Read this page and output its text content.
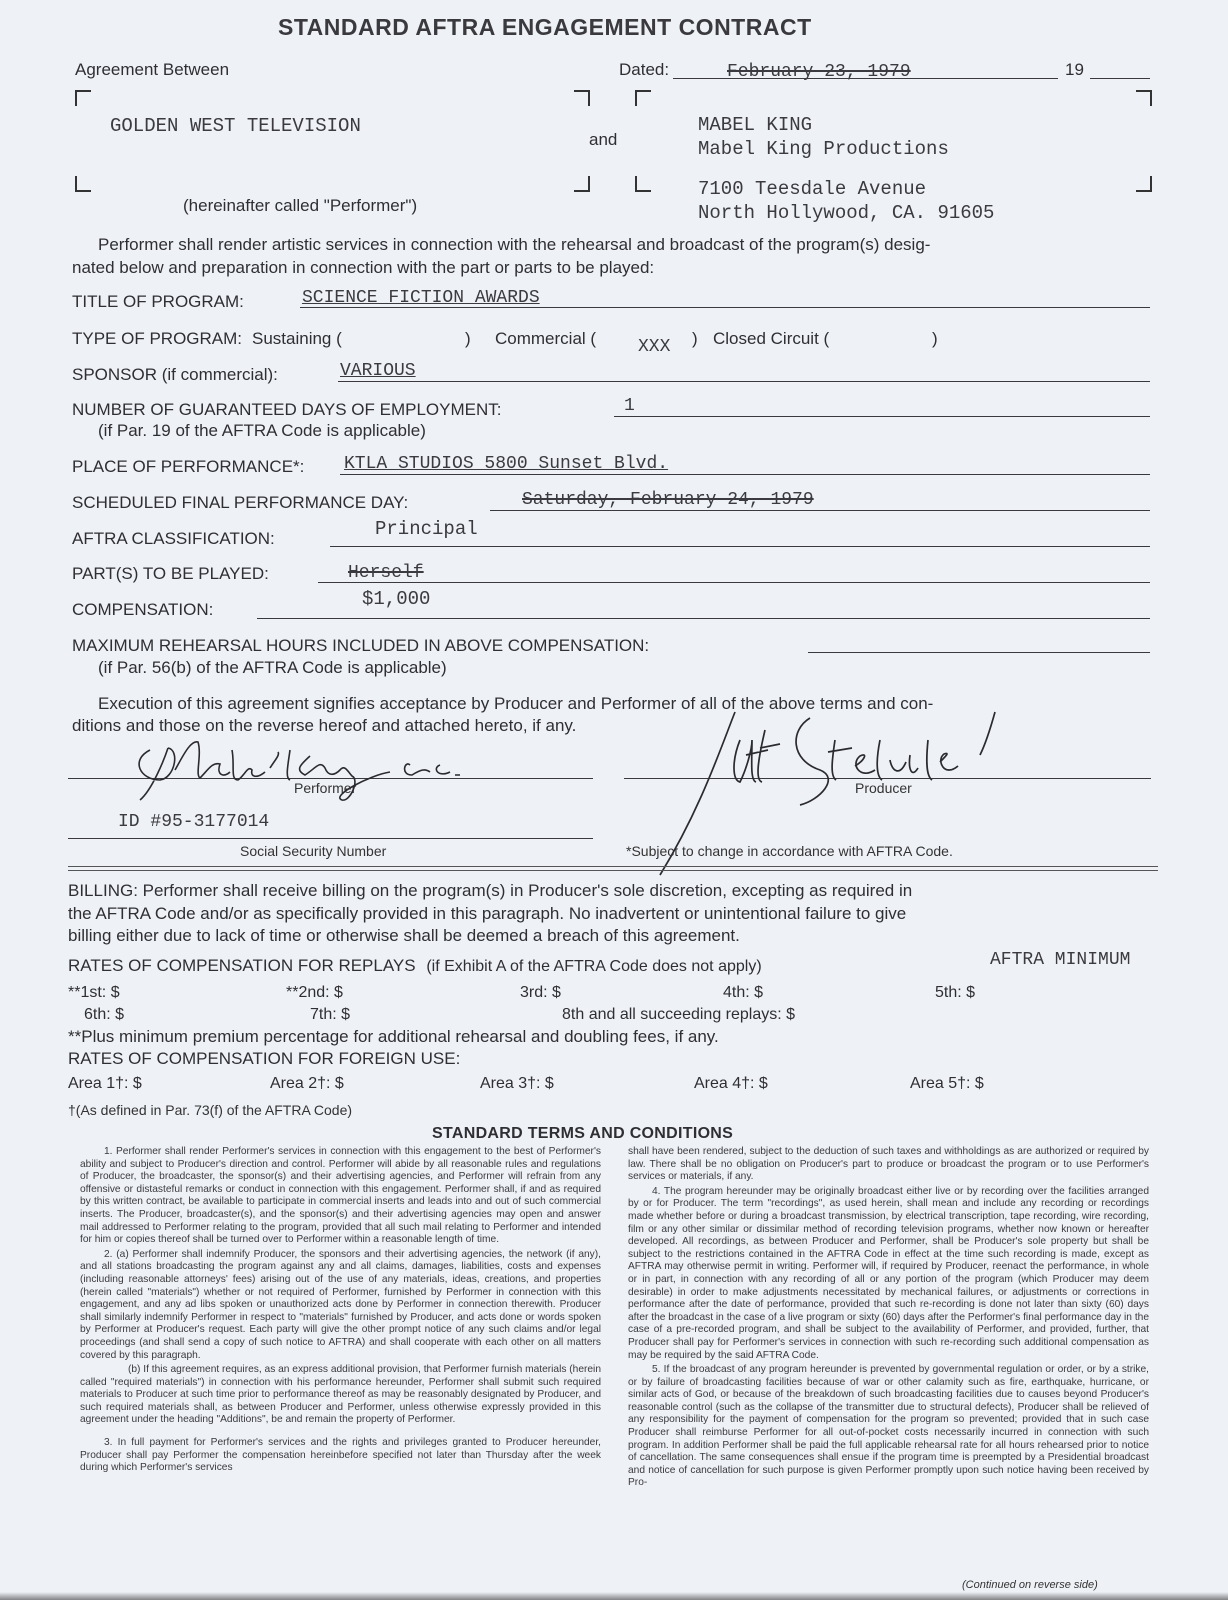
STANDARD AFTRA ENGAGEMENT CONTRACT
Agreement Between	Dated:	February 23, 1979	19
GOLDEN WEST TELEVISION
(hereinafter called "Performer")
and
MABEL KING
Mabel King Productions
7100 Teesdale Avenue
North Hollywood, CA. 91605
Performer shall render artistic services in connection with the rehearsal and broadcast of the program(s) desig-
nated below and preparation in connection with the part or parts to be played:
TITLE OF PROGRAM:	SCIENCE FICTION AWARDS
TYPE OF PROGRAM: Sustaining (	) Commercial ( XXX ) Closed Circuit (	)
SPONSOR (if commercial):	VARIOUS
NUMBER OF GUARANTEED DAYS OF EMPLOYMENT:	1
(if Par. 19 of the AFTRA Code is applicable)
PLACE OF PERFORMANCE*: KTLA STUDIOS 5800 Sunset Blvd.
SCHEDULED FINAL PERFORMANCE DAY:	Saturday, February 24, 1979
AFTRA CLASSIFICATION:	Principal
PART(S) TO BE PLAYED:	Herself
COMPENSATION:	$1,000
MAXIMUM REHEARSAL HOURS INCLUDED IN ABOVE COMPENSATION:
(if Par. 56(b) of the AFTRA Code is applicable)
Execution of this agreement signifies acceptance by Producer and Performer of all of the above terms and con-
ditions and those on the reverse hereof and attached hereto, if any.
Performer	Producer
ID #95-3177014
Social Security Number	*Subject to change in accordance with AFTRA Code.
BILLING: Performer shall receive billing on the program(s) in Producer's sole discretion, excepting as required in
the AFTRA Code and/or as specifically provided in this paragraph. No inadvertent or unintentional failure to give
billing either due to lack of time or otherwise shall be deemed a breach of this agreement.
RATES OF COMPENSATION FOR REPLAYS (if Exhibit A of the AFTRA Code does not apply)	AFTRA MINIMUM
**1st: $	**2nd: $	3rd: $	4th: $	5th: $
6th: $	7th: $	8th and all succeeding replays: $
**Plus minimum premium percentage for additional rehearsal and doubling fees, if any.
RATES OF COMPENSATION FOR FOREIGN USE:
Area 1†: $	Area 2†: $	Area 3†: $	Area 4†: $	Area 5†: $
†(As defined in Par. 73(f) of the AFTRA Code)
STANDARD TERMS AND CONDITIONS

1. Performer shall render Performer's services in connection with this engagement to the best of Performer's ability and subject to Producer's direction and control. Performer will abide by all reasonable rules and regulations of Producer, the broadcaster, the sponsor(s) and their advertising agencies, and Performer will refrain from any offensive or distasteful remarks or conduct in connection with this engagement. Performer shall, if and as required by this written contract, be available to participate in commercial inserts and leads into and out of such commercial inserts. The Producer, broadcaster(s), and the sponsor(s) and their advertising agencies may open and answer mail addressed to Performer relating to the program, provided that all such mail relating to Performer and intended for him or copies thereof shall be turned over to Performer within a reasonable length of time.

2. (a) Performer shall indemnify Producer, the sponsors and their advertising agencies, the network (if any), and all stations broadcasting the program against any and all claims, damages, liabilities, costs and expenses (including reasonable attorneys' fees) arising out of the use of any materials, ideas, creations, and properties (herein called "materials") whether or not required of Performer, furnished by Performer in connection with this engagement, and any ad libs spoken or unauthorized acts done by Performer in connection therewith. Producer shall similarly indemnify Performer in respect to "materials" furnished by Producer, and acts done or words spoken by Performer at Producer's request. Each party will give the other prompt notice of any such claims and/or legal proceedings (and shall send a copy of such notice to AFTRA) and shall cooperate with each other on all matters covered by this paragraph.

(b) If this agreement requires, as an express additional provision, that Performer furnish materials (herein called "required materials") in connection with his performance hereunder, Performer shall submit such required materials to Producer at such time prior to performance thereof as may be reasonably designated by Producer, and such required materials shall, as between Producer and Performer, unless otherwise expressly provided in this agreement under the heading "Additions", be and remain the property of Performer.

3. In full payment for Performer's services and the rights and privileges granted to Producer hereunder, Producer shall pay Performer the compensation hereinbefore specified not later than Thursday after the week during which Performer's services

shall have been rendered, subject to the deduction of such taxes and withholdings as are authorized or required by law. There shall be no obligation on Producer's part to produce or broadcast the program or to use Performer's services or materials, if any.

4. The program hereunder may be originally broadcast either live or by recording over the facilities arranged by or for Producer. The term "recordings", as used herein, shall mean and include any recording or recordings made whether before or during a broadcast transmission, by electrical transcription, tape recording, wire recording, film or any other similar or dissimilar method of recording television programs, whether now known or hereafter developed. All recordings, as between Producer and Performer, shall be Producer's sole property but shall be subject to the restrictions contained in the AFTRA Code in effect at the time such recording is made, except as AFTRA may otherwise permit in writing. Performer will, if required by Producer, reenact the performance, in whole or in part, in connection with any recording of all or any portion of the program (which Producer may deem desirable) in order to make adjustments necessitated by mechanical failures, or adjustments or corrections in performance after the date of performance, provided that such re-recording is done not later than sixty (60) days after the broadcast in the case of a live program or sixty (60) days after the Performer's final performance day in the case of a pre-recorded program, and shall be subject to the availability of Performer, and provided, further, that Producer shall pay for Performer's services in connection with such re-recording such additional compensation as may be required by the said AFTRA Code.

5. If the broadcast of any program hereunder is prevented by governmental regulation or order, or by a strike, or by failure of broadcasting facilities because of war or other calamity such as fire, earthquake, hurricane, or similar acts of God, or because of the breakdown of such broadcasting facilities due to causes beyond Producer's reasonable control (such as the collapse of the transmitter due to structural defects), Producer shall be relieved of any responsibility for the payment of compensation for the program so prevented; provided that in such case Producer shall reimburse Performer for all out-of-pocket costs necessarily incurred in connection with such program. In addition Performer shall be paid the full applicable rehearsal rate for all hours rehearsed prior to notice of cancellation. The same consequences shall ensue if the program time is preempted by a Presidential broadcast and notice of cancellation for such purpose is given Performer promptly upon such notice having been received by Pro-

(Continued on reverse side)
